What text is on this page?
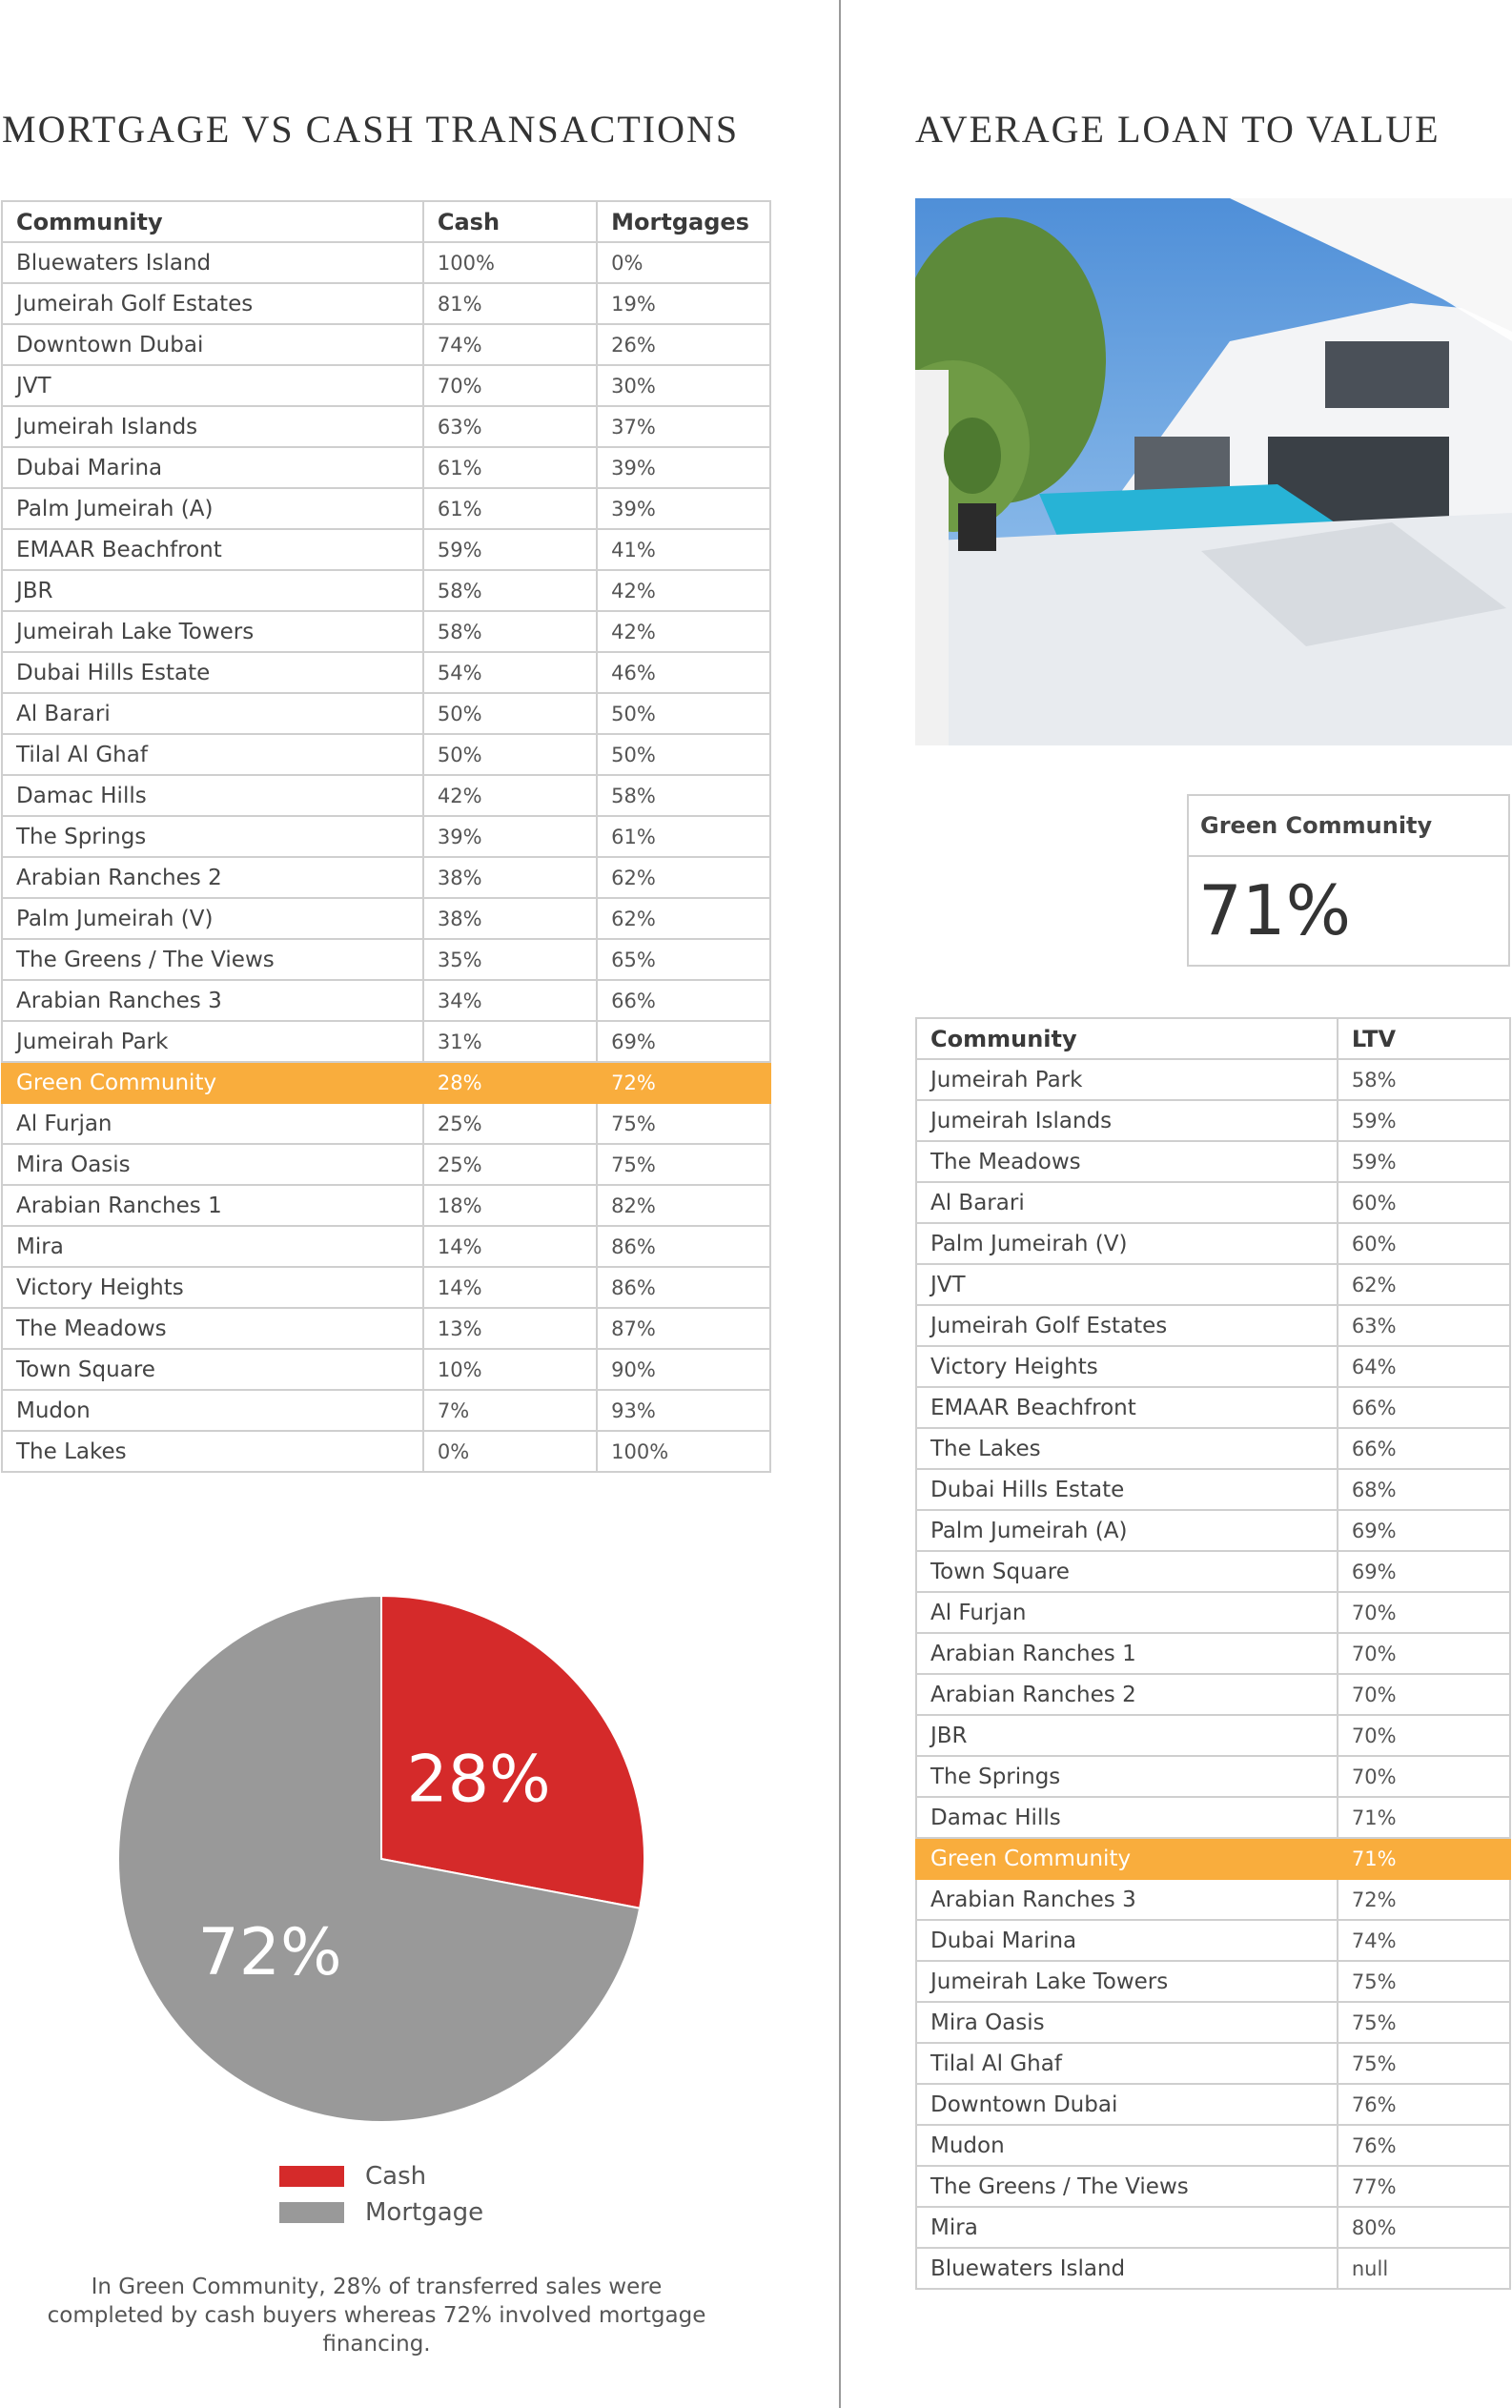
MORTGAGE VS CASH TRANSACTIONS	AVERAGE LOAN TO VALUE
Community	Cash	Mortgages
Bluewaters Island	100%	0%
Jumeirah Golf Estates	81%	19%
Downtown Dubai	74%	26%
JVT	70%	30%
Jumeirah Islands	63%	37%
Dubai Marina	61%	39%
Palm Jumeirah (A)	61%	39%
EMAAR Beachfront	59%	41%
JBR	58%	42%
Jumeirah Lake Towers	58%	42%
Dubai Hills Estate	54%	46%
Al Barari	50%	50%
Tilal Al Ghaf	50%	50%
Damac Hills	42%	58%
The Springs	39%	61%
Arabian Ranches 2	38%	62%
Palm Jumeirah (V)	38%	62%
The Greens / The Views	35%	65%
Arabian Ranches 3	34%	66%
Jumeirah Park	31%	69%
Green Community	28%	72%
Al Furjan	25%	75%
Mira Oasis	25%	75%
Arabian Ranches 1	18%	82%
Mira	14%	86%
Victory Heights	14%	86%
The Meadows	13%	87%
Town Square	10%	90%
Mudon	7%	93%
The Lakes	0%	100%
Green Community
71%
Community	LTV
Jumeirah Park	58%
Jumeirah Islands	59%
The Meadows	59%
Al Barari	60%
Palm Jumeirah (V)	60%
JVT	62%
Jumeirah Golf Estates	63%
Victory Heights	64%
EMAAR Beachfront	66%
The Lakes	66%
Dubai Hills Estate	68%
Palm Jumeirah (A)	69%
Town Square	69%
Al Furjan	70%
Arabian Ranches 1	70%
Arabian Ranches 2	70%
JBR	70%
The Springs	70%
Damac Hills	71%
Green Community	71%
Arabian Ranches 3	72%
Dubai Marina	74%
Jumeirah Lake Towers	75%
Mira Oasis	75%
Tilal Al Ghaf	75%
Downtown Dubai	76%
Mudon	76%
The Greens / The Views	77%
Mira	80%
Bluewaters Island	null
28%
72%
Cash
Mortgage
In Green Community, 28% of transferred sales were completed by cash buyers whereas 72% involved mortgage financing.
